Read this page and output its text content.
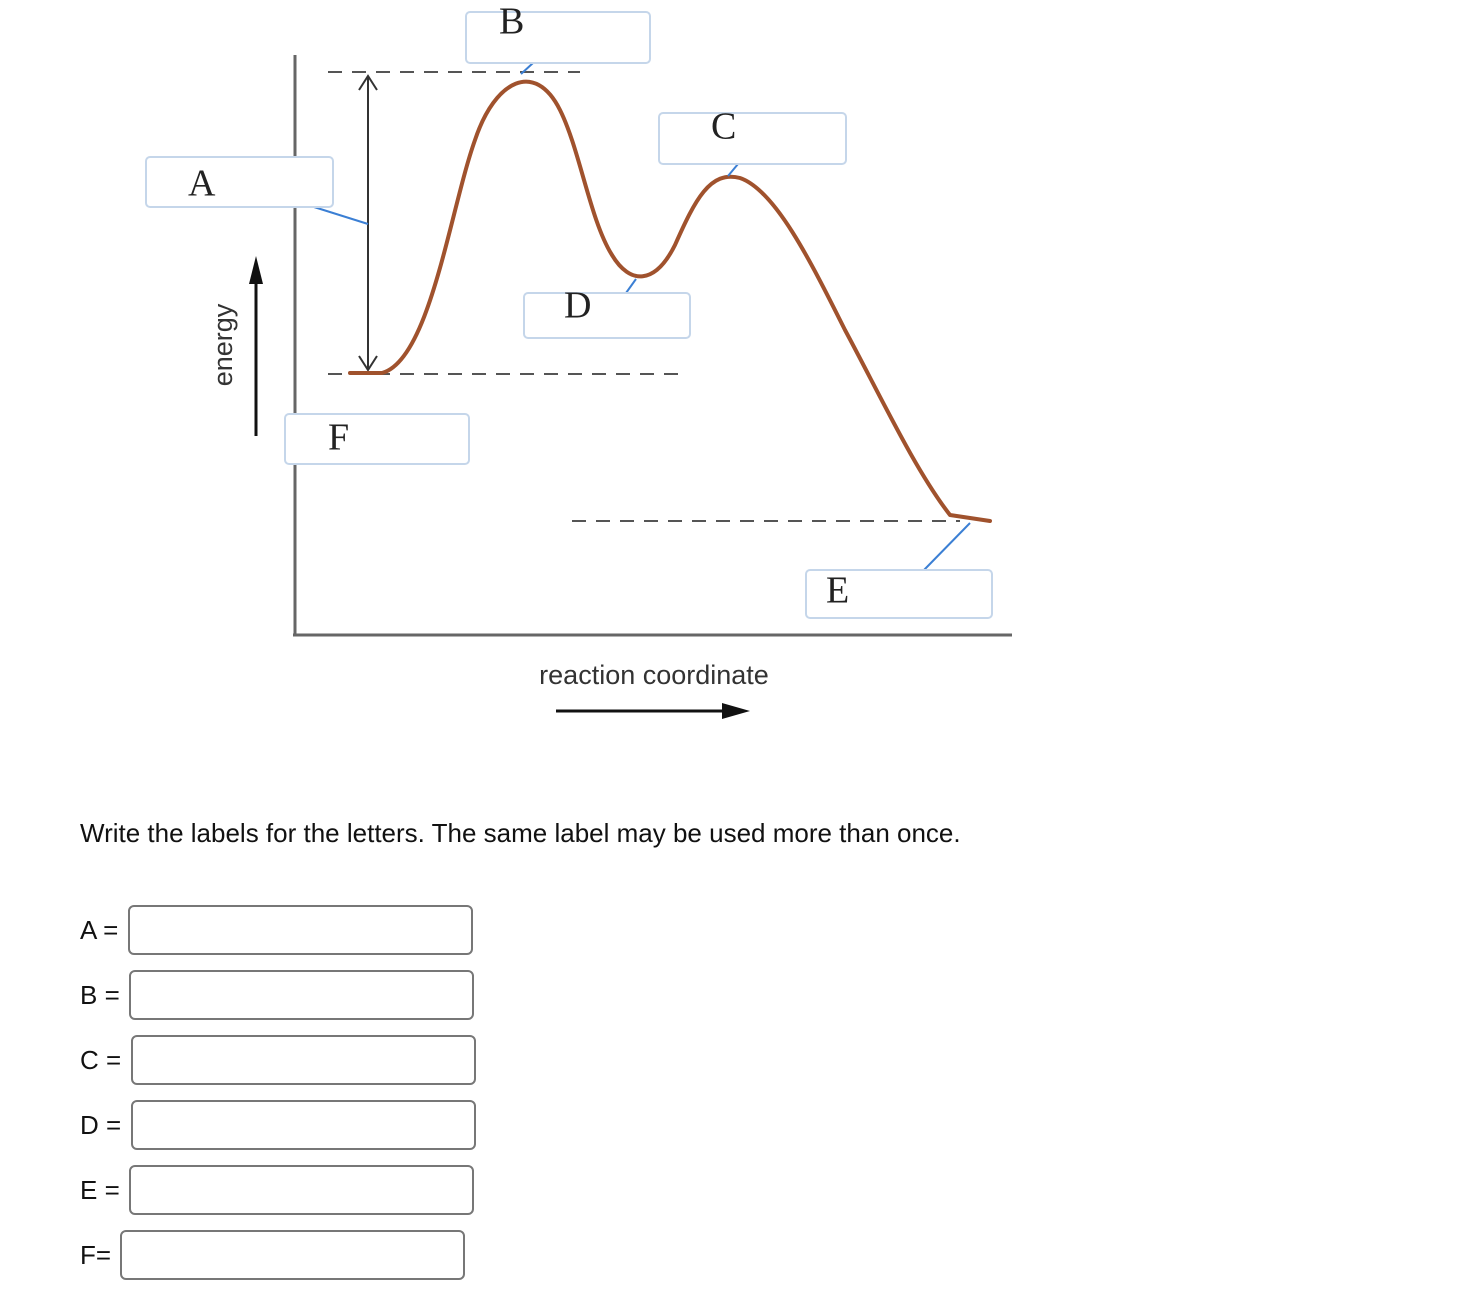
A
B
C
D
E
F
energy
reaction coordinate
Write the labels for the letters. The same label may be used more than once.
A =
B =
C =
D =
E =
F=
